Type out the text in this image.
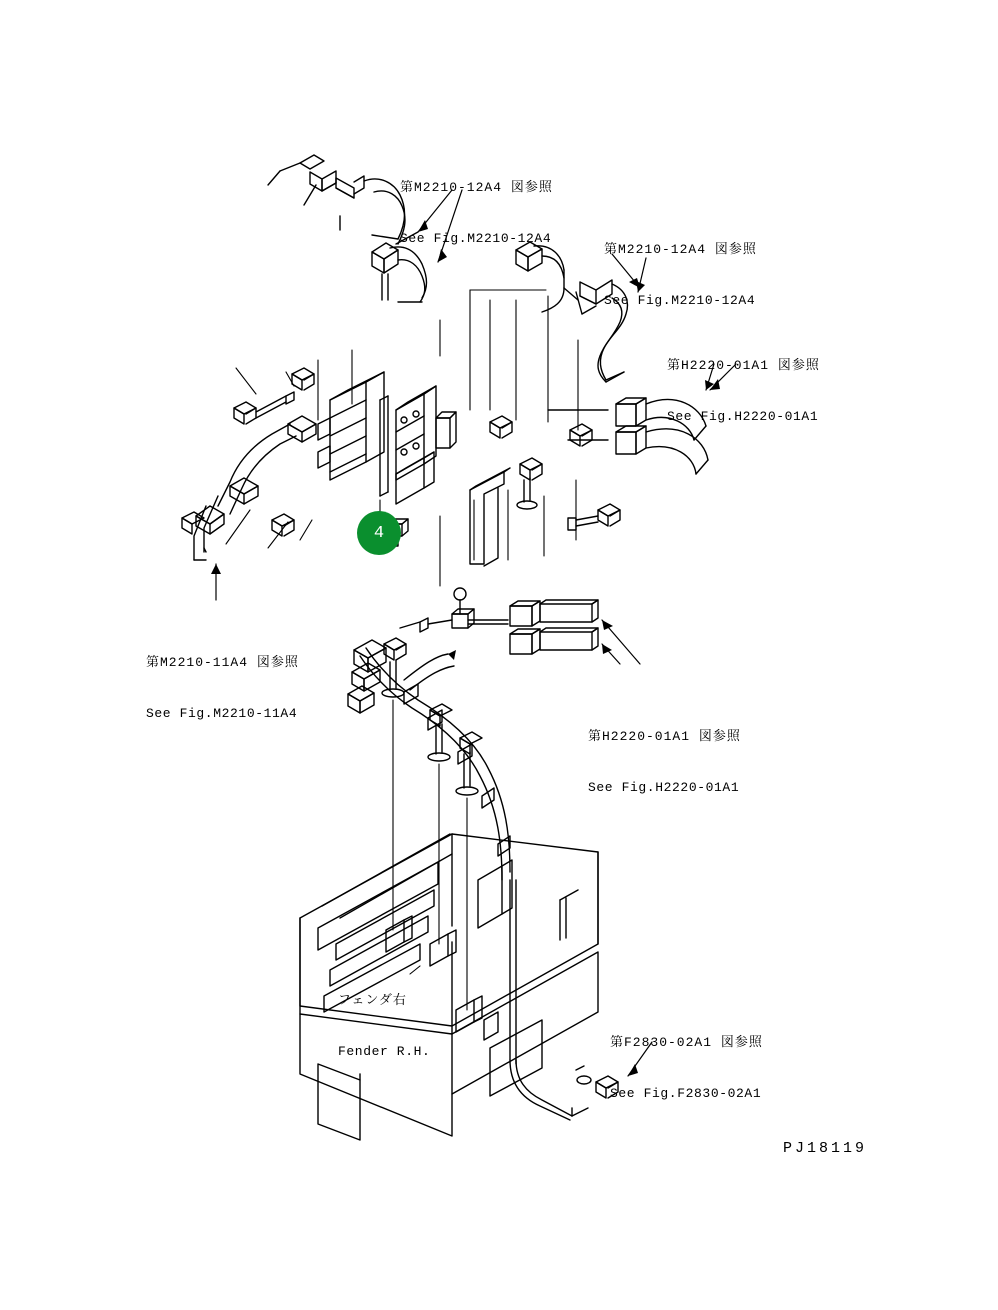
第M2210-12A4 図参照

See Fig.M2210-12A4

第M2210-12A4 図参照

See Fig.M2210-12A4

第H2220-01A1 図参照

See Fig.H2220-01A1

第M2210-11A4 図参照

See Fig.M2210-11A4

第H2220-01A1 図参照

See Fig.H2220-01A1

第F2830-02A1 図参照

See Fig.F2830-02A1

フェンダ右

Fender R.H.

4
PJ18119
